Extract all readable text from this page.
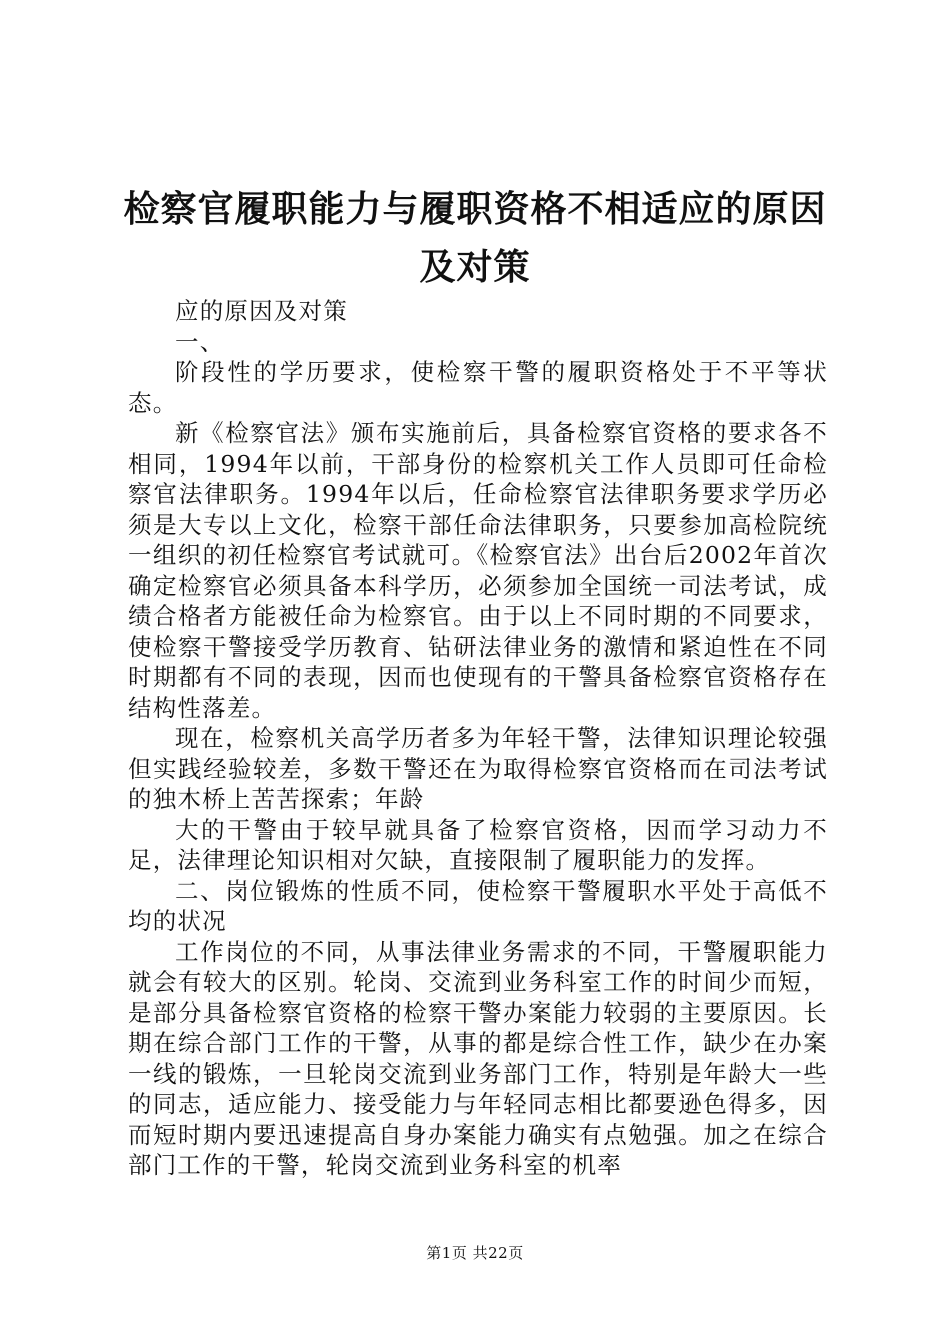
检察官履职能力与履职资格不相适应的原因及对策

应的原因及对策

一、

阶段性的学历要求，使检察干警的履职资格处于不平等状态。

新《检察官法》颁布实施前后，具备检察官资格的要求各不相同，1994年以前，干部身份的检察机关工作人员即可任命检察官法律职务。1994年以后，任命检察官法律职务要求学历必须是大专以上文化，检察干部任命法律职务，只要参加高检院统一组织的初任检察官考试就可。《检察官法》出台后2002年首次确定检察官必须具备本科学历，必须参加全国统一司法考试，成绩合格者方能被任命为检察官。由于以上不同时期的不同要求，使检察干警接受学历教育、钻研法律业务的激情和紧迫性在不同时期都有不同的表现，因而也使现有的干警具备检察官资格存在结构性落差。

现在，检察机关高学历者多为年轻干警，法律知识理论较强但实践经验较差，多数干警还在为取得检察官资格而在司法考试的独木桥上苦苦探索；年龄

大的干警由于较早就具备了检察官资格，因而学习动力不足，法律理论知识相对欠缺，直接限制了履职能力的发挥。

二、岗位锻炼的性质不同，使检察干警履职水平处于高低不均的状况

工作岗位的不同，从事法律业务需求的不同，干警履职能力就会有较大的区别。轮岗、交流到业务科室工作的时间少而短，是部分具备检察官资格的检察干警办案能力较弱的主要原因。长期在综合部门工作的干警，从事的都是综合性工作，缺少在办案一线的锻炼，一旦轮岗交流到业务部门工作，特别是年龄大一些的同志，适应能力、接受能力与年轻同志相比都要逊色得多，因而短时期内要迅速提高自身办案能力确实有点勉强。加之在综合部门工作的干警，轮岗交流到业务科室的机率

第1页 共22页
